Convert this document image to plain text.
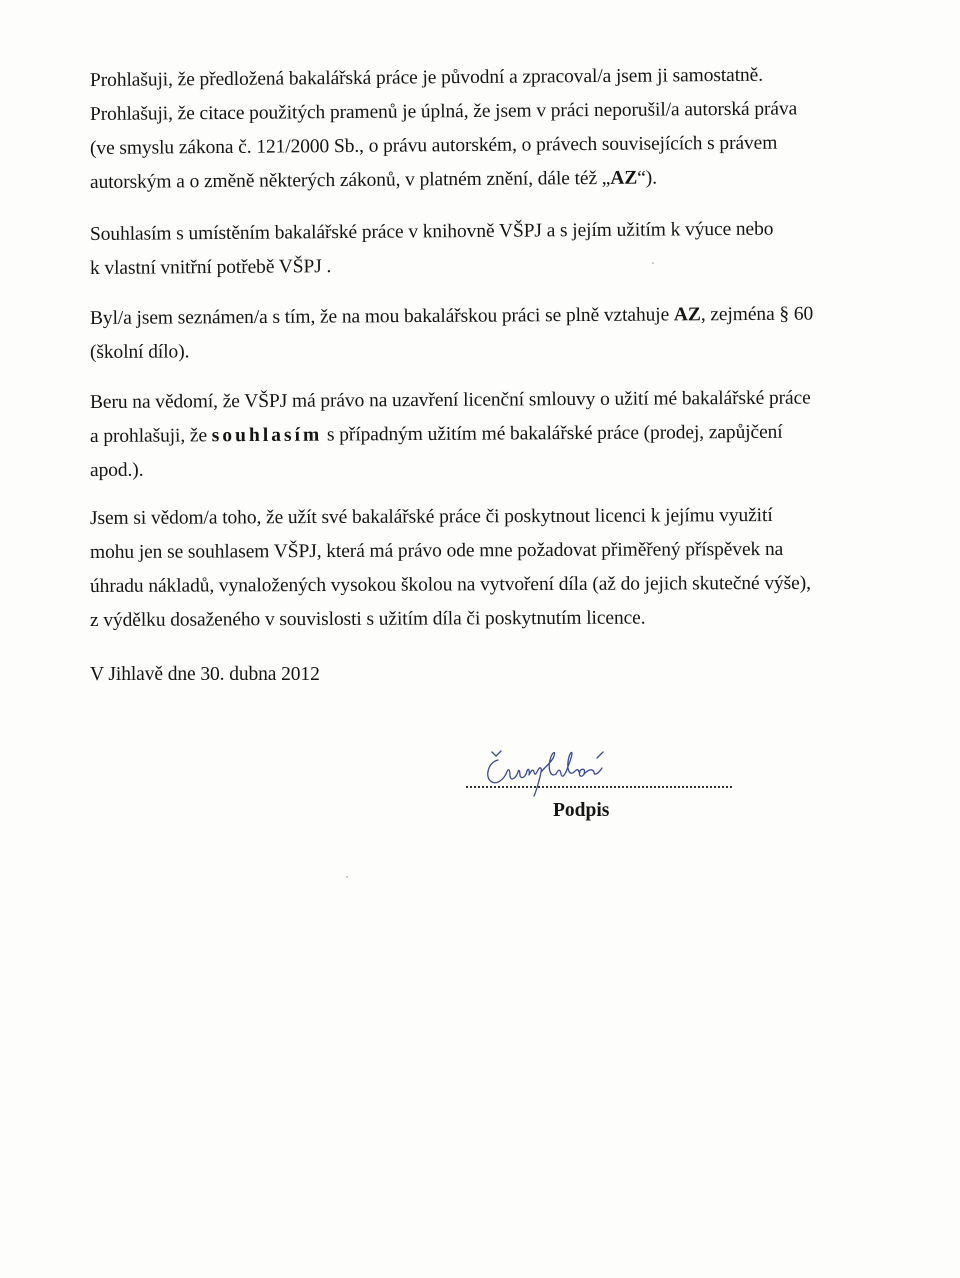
Prohlašuji, že předložená bakalářská práce je původní a zpracoval/a jsem ji samostatně.
Prohlašuji, že citace použitých pramenů je úplná, že jsem v práci neporušil/a autorská práva
(ve smyslu zákona č. 121/2000 Sb., o právu autorském, o právech souvisejících s právem
autorským a o změně některých zákonů, v platném znění, dále též „AZ“).
Souhlasím s umístěním bakalářské práce v knihovně VŠPJ a s jejím užitím k výuce nebo
k vlastní vnitřní potřebě VŠPJ .
Byl/a jsem seznámen/a s tím, že na mou bakalářskou práci se plně vztahuje AZ, zejména § 60
(školní dílo).
Beru na vědomí, že VŠPJ má právo na uzavření licenční smlouvy o užití mé bakalářské práce
a prohlašuji, že souhlasím s případným užitím mé bakalářské práce (prodej, zapůjčení
apod.).
Jsem si vědom/a toho, že užít své bakalářské práce či poskytnout licenci k jejímu využití
mohu jen se souhlasem VŠPJ, která má právo ode mne požadovat přiměřený příspěvek na
úhradu nákladů, vynaložených vysokou školou na vytvoření díla (až do jejich skutečné výše),
z výdělku dosaženého v souvislosti s užitím díla či poskytnutím licence.
V Jihlavě dne 30. dubna 2012
Podpis
